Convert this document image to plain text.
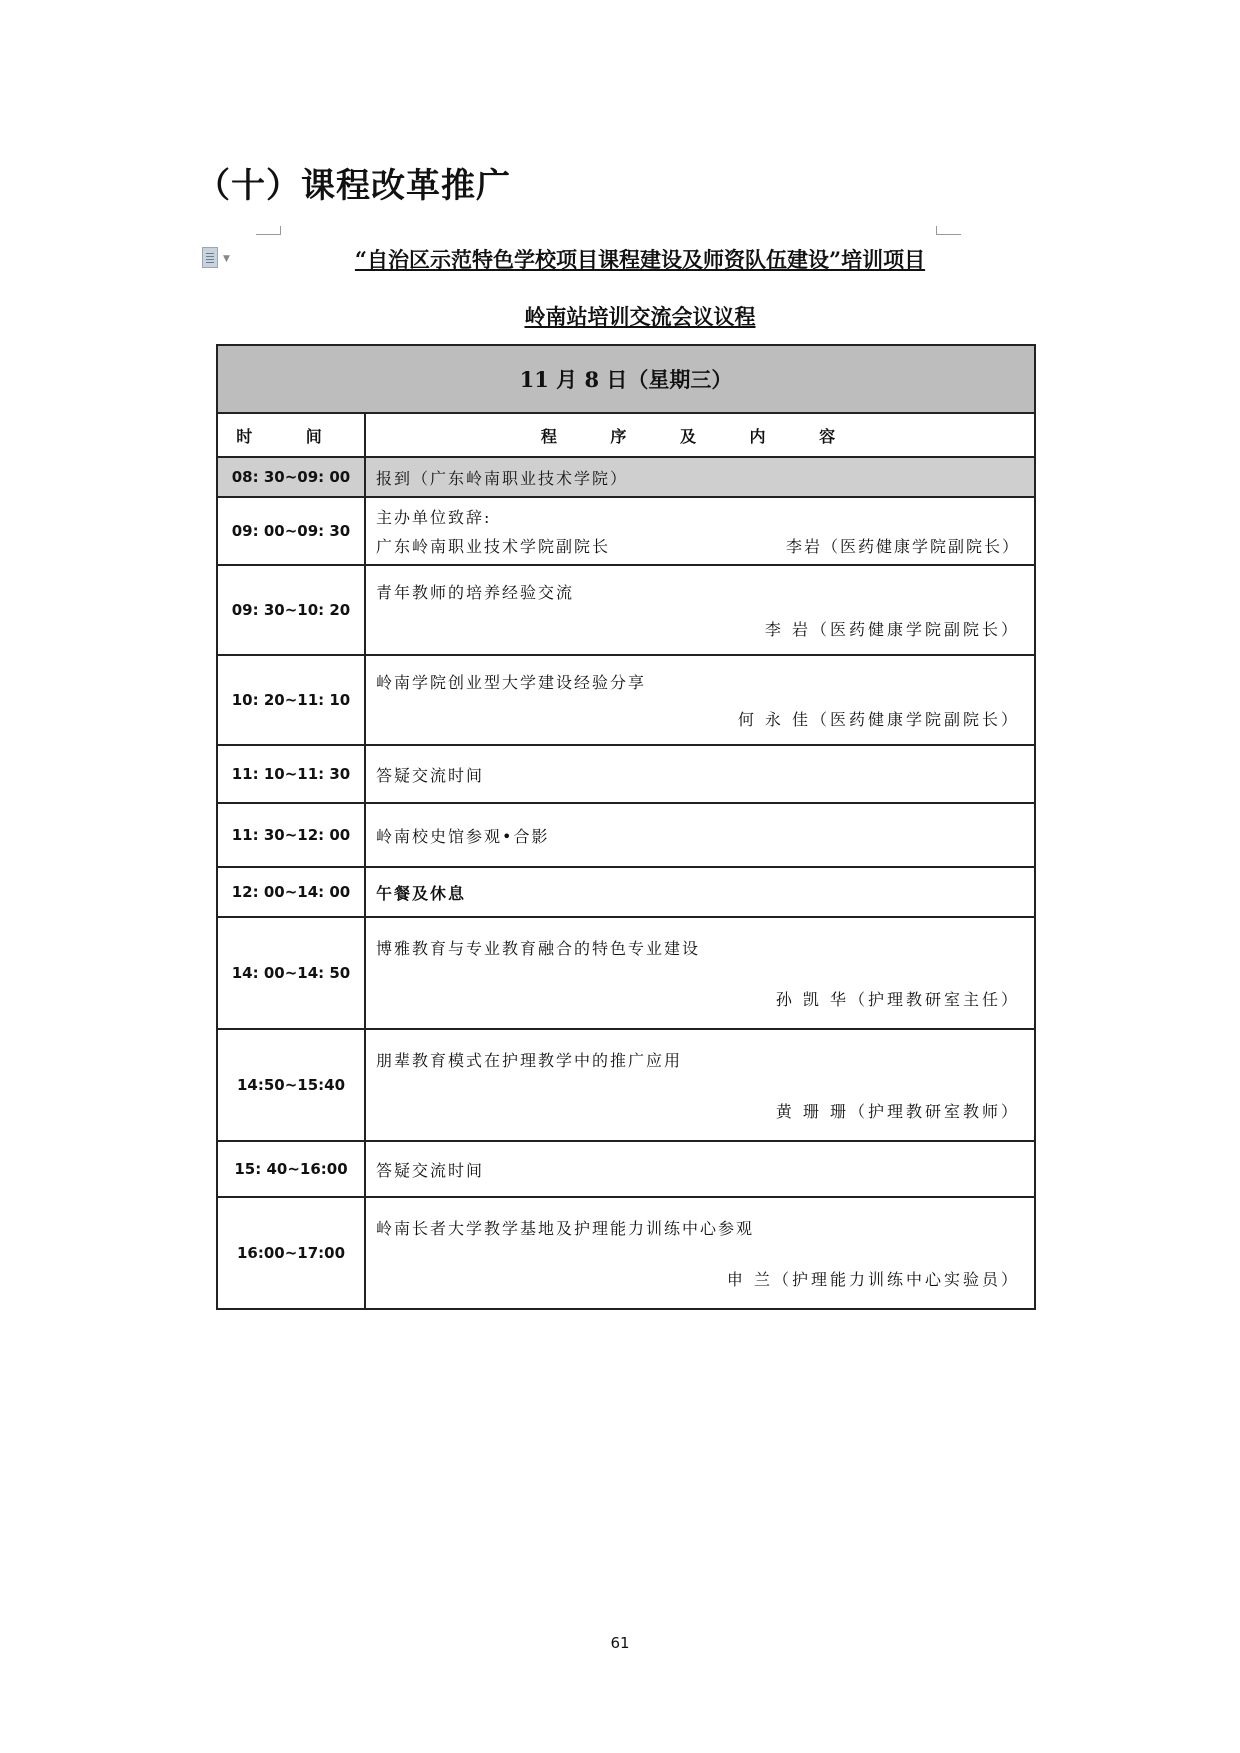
（十）课程改革推广
▼	“自治区示范特色学校项目课程建设及师资队伍建设”培训项目
岭南站培训交流会议议程
11 月 8 日（星期三）	
时 间	程 序 及 内 容
08: 30~09: 00	报到（广东岭南职业技术学院）
09: 00~09: 30	主办单位致辞:
广东岭南职业技术学院副院长 李岩（医药健康学院副院长）

09: 30~10: 20	青年教师的培养经验交流
李 岩（医药健康学院副院长）

10: 20~11: 10	岭南学院创业型大学建设经验分享
何 永 佳（医药健康学院副院长）

11: 10~11: 30	答疑交流时间
11: 30~12: 00	岭南校史馆参观•合影
12: 00~14: 00	午餐及休息
14: 00~14: 50	博雅教育与专业教育融合的特色专业建设
孙 凯 华（护理教研室主任）

14:50~15:40	朋辈教育模式在护理教学中的推广应用
黄 珊 珊（护理教研室教师）

15: 40~16:00	答疑交流时间
16:00~17:00	岭南长者大学教学基地及护理能力训练中心参观
申 兰（护理能力训练中心实验员）
61
